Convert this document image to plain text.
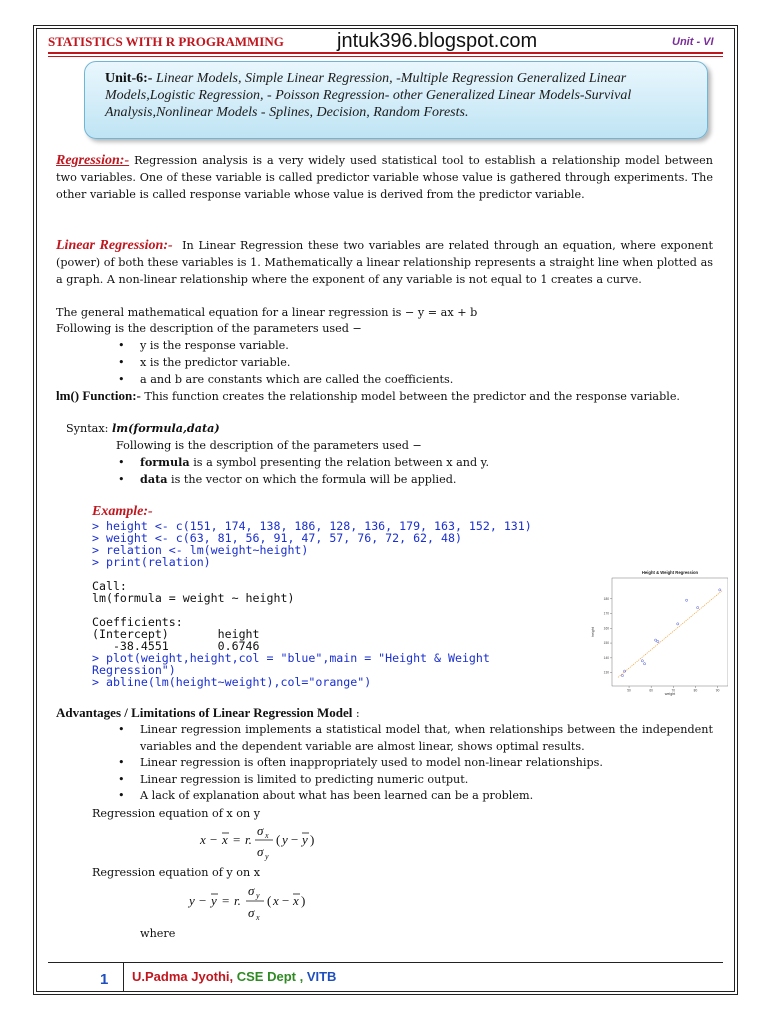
STATISTICS WITH R PROGRAMMING	jntuk396.blogspot.com	Unit - VI
Unit-6:- Linear Models, Simple Linear Regression, -Multiple Regression Generalized Linear Models,Logistic Regression, - Poisson Regression- other Generalized Linear Models-Survival Analysis,Nonlinear Models - Splines, Decision, Random Forests.
Regression:- Regression analysis is a very widely used statistical tool to establish a relationship model between two variables. One of these variable is called predictor variable whose value is gathered through experiments. The other variable is called response variable whose value is derived from the predictor variable.
Linear Regression:- In Linear Regression these two variables are related through an equation, where exponent (power) of both these variables is 1. Mathematically a linear relationship represents a straight line when plotted as a graph. A non-linear relationship where the exponent of any variable is not equal to 1 creates a curve.
The general mathematical equation for a linear regression is − y = ax + b
Following is the description of the parameters used −
• y is the response variable.
• x is the predictor variable.
• a and b are constants which are called the coefficients.
lm() Function:- This function creates the relationship model between the predictor and the response variable.
Syntax: lm(formula,data)
Following is the description of the parameters used −
• formula is a symbol presenting the relation between x and y.
• data is the vector on which the formula will be applied.
Example:-
> height <- c(151, 174, 138, 186, 128, 136, 179, 163, 152, 131)
> weight <- c(63, 81, 56, 91, 47, 57, 76, 72, 62, 48)
> relation <- lm(weight~height)
> print(relation)
Call:
lm(formula = weight ~ height)
Coefficients:
(Intercept)       height
-38.4551       0.6746
> plot(weight,height,col = "blue",main = "Height & Weight
Regression")
> abline(lm(height~weight),col="orange")
Height & Weight Regression
50	60	70	80	90
130
140
150
160
170
180
weight
height
Advantages / Limitations of Linear Regression Model :
• Linear regression implements a statistical model that, when relationships between the independent variables and the dependent variable are almost linear, shows optimal results.
• Linear regression is often inappropriately used to model non-linear relationships.
• Linear regression is limited to predicting numeric output.
• A lack of explanation about what has been learned can be a problem.
Regression equation of x on y
x − x = r.
σ x
σ y
( y − y )
Regression equation of y on x
y − y = r.
σ y
σ x
( x − x )
where
1 U.Padma Jyothi, CSE Dept , VITB
